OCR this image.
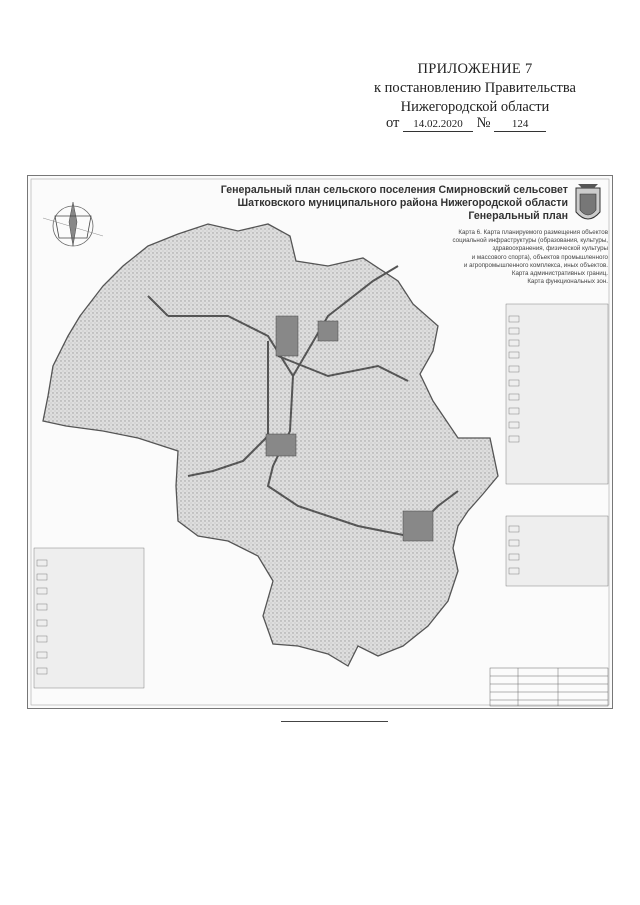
ПРИЛОЖЕНИЕ 7
к постановлению Правительства
Нижегородской области
от 14.02.2020 № 124
Генеральный план сельского поселения Смирновский сельсовет
Шатковского муниципального района Нижегородской области
Генеральный план
Карта 6. Карта планируемого размещения объектов
социальной инфраструктуры (образования, культуры,
здравоохранения, физической культуры
и массового спорта), объектов промышленного
и агропромышленного комплекса, иных объектов.
Карта административных границ.
Карта функциональных зон.
